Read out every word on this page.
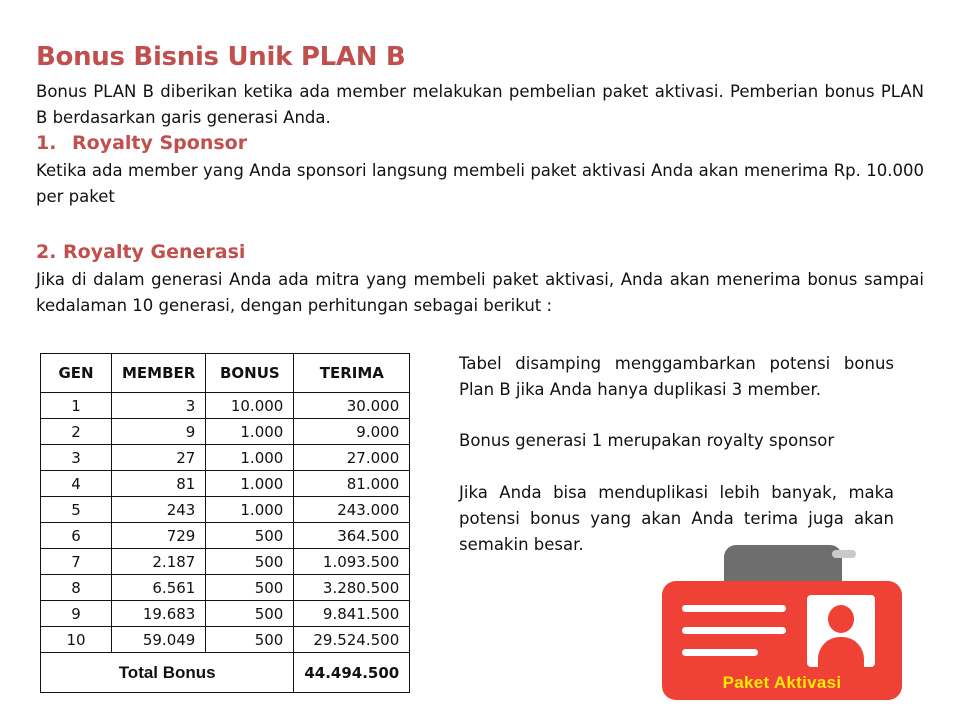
Bonus Bisnis Unik PLAN B

Bonus PLAN B diberikan ketika ada member melakukan pembelian paket aktivasi. Pemberian bonus PLAN B berdasarkan garis generasi Anda.

1. Royalty Sponsor

Ketika ada member yang Anda sponsori langsung membeli paket aktivasi Anda akan menerima Rp. 10.000 per paket

2. Royalty Generasi

Jika di dalam generasi Anda ada mitra yang membeli paket aktivasi, Anda akan menerima bonus sampai kedalaman 10 generasi, dengan perhitungan sebagai berikut :

GEN	MEMBER	BONUS	TERIMA
1	3	10.000	30.000
2	9	1.000	9.000
3	27	1.000	27.000
4	81	1.000	81.000
5	243	1.000	243.000
6	729	500	364.500
7	2.187	500	1.093.500
8	6.561	500	3.280.500
9	19.683	500	9.841.500
10	59.049	500	29.524.500
Total Bonus			44.494.500

Tabel disamping menggambarkan potensi bonus Plan B jika Anda hanya duplikasi 3 member.

Bonus generasi 1 merupakan royalty sponsor

Jika Anda bisa menduplikasi lebih banyak, maka potensi bonus yang akan Anda terima juga akan semakin besar.

Paket Aktivasi
